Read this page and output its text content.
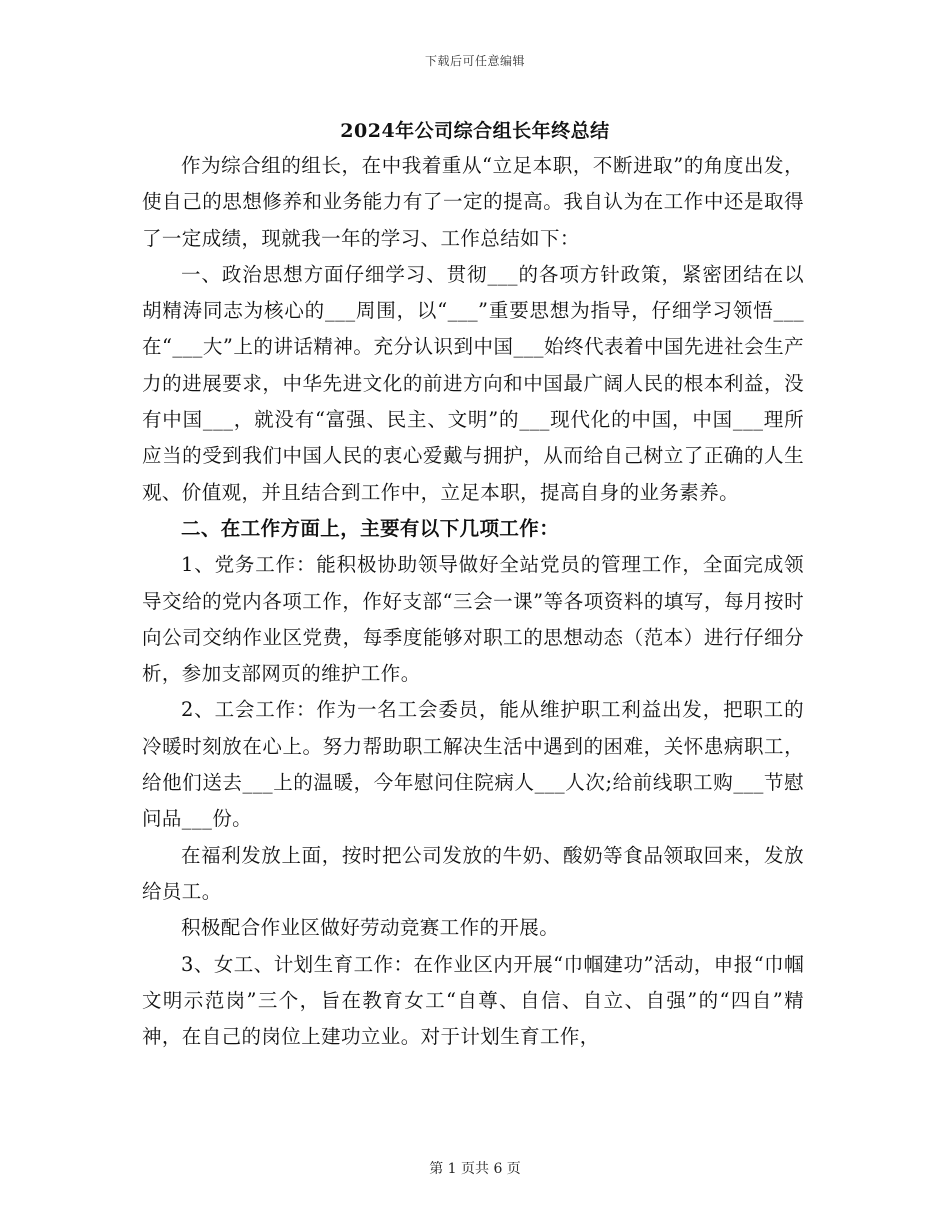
下载后可任意编辑
2024年公司综合组长年终总结

作为综合组的组长，在中我着重从“立足本职，不断进取”的角度出发，使自己的思想修养和业务能力有了一定的提高。我自认为在工作中还是取得了一定成绩，现就我一年的学习、工作总结如下：

一、政治思想方面仔细学习、贯彻___的各项方针政策，紧密团结在以胡精涛同志为核心的___周围，以“___”重要思想为指导，仔细学习领悟___在“___大”上的讲话精神。充分认识到中国___始终代表着中国先进社会生产力的进展要求，中华先进文化的前进方向和中国最广阔人民的根本利益，没有中国___，就没有“富强、民主、文明”的___现代化的中国，中国___理所应当的受到我们中国人民的衷心爱戴与拥护，从而给自己树立了正确的人生观、价值观，并且结合到工作中，立足本职，提高自身的业务素养。

二、在工作方面上，主要有以下几项工作：

1、党务工作：能积极协助领导做好全站党员的管理工作，全面完成领导交给的党内各项工作，作好支部“三会一课”等各项资料的填写，每月按时向公司交纳作业区党费，每季度能够对职工的思想动态（范本）进行仔细分析，参加支部网页的维护工作。

2、工会工作：作为一名工会委员，能从维护职工利益出发，把职工的冷暖时刻放在心上。努力帮助职工解决生活中遇到的困难，关怀患病职工，给他们送去___上的温暖，今年慰问住院病人___人次;给前线职工购___节慰问品___份。

在福利发放上面，按时把公司发放的牛奶、酸奶等食品领取回来，发放给员工。

积极配合作业区做好劳动竞赛工作的开展。

3、女工、计划生育工作：在作业区内开展“巾帼建功”活动，申报“巾帼文明示范岗”三个，旨在教育女工“自尊、自信、自立、自强”的“四自”精神，在自己的岗位上建功立业。对于计划生育工作，

第 1 页共 6 页
